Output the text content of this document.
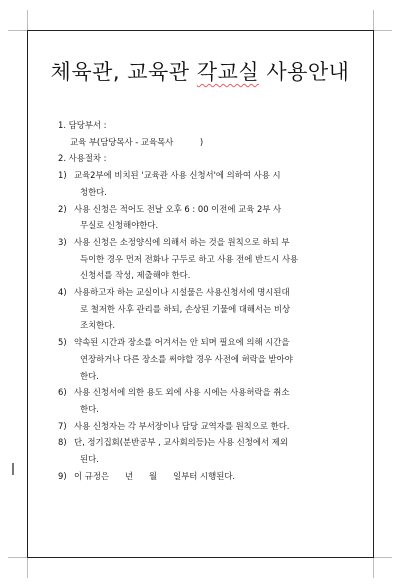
체육관, 교육관 각교실 사용안내
1. 담당부서 :
교육 부(담당목사 - 교육목사          )
2. 사용절차 :
1) 교육2부에 비치된 '교육관 사용 신청서'에 의하여 사용 시
청한다.
2) 사용 신청은 적어도 전날 오후 6 : 00 이전에 교육 2부 사
무실로 신청해야한다.
3) 사용 신청은 소정양식에 의해서 하는 것을 원칙으로 하되 부
득이한 경우 먼저 전화나 구두로 하고 사용 전에 반드시 사용
신청서를 작성, 제출해야 한다.
4) 사용하고자 하는 교실이나 시설물은 사용신청서에 명시된대
로 철저한 사후 관리를 하되, 손상된 기물에 대해서는 비상
조치한다.
5) 약속된 시간과 장소를 어겨서는 안 되며 필요에 의해 시간을
연장하거나 다른 장소를 써야할 경우 사전에 허락을 받아야
한다.
6) 사용 신청서에 의한 용도 외에 사용 시에는 사용허락을 취소
한다.
7) 사용 신청자는 각 부서장이나 담당 교역자를 원칙으로 한다.
8) 단, 정기집회(분반공부 , 교사회의등)는 사용 신청에서 제외
된다.
9) 이 규정은      년      월      일부터 시행된다.
